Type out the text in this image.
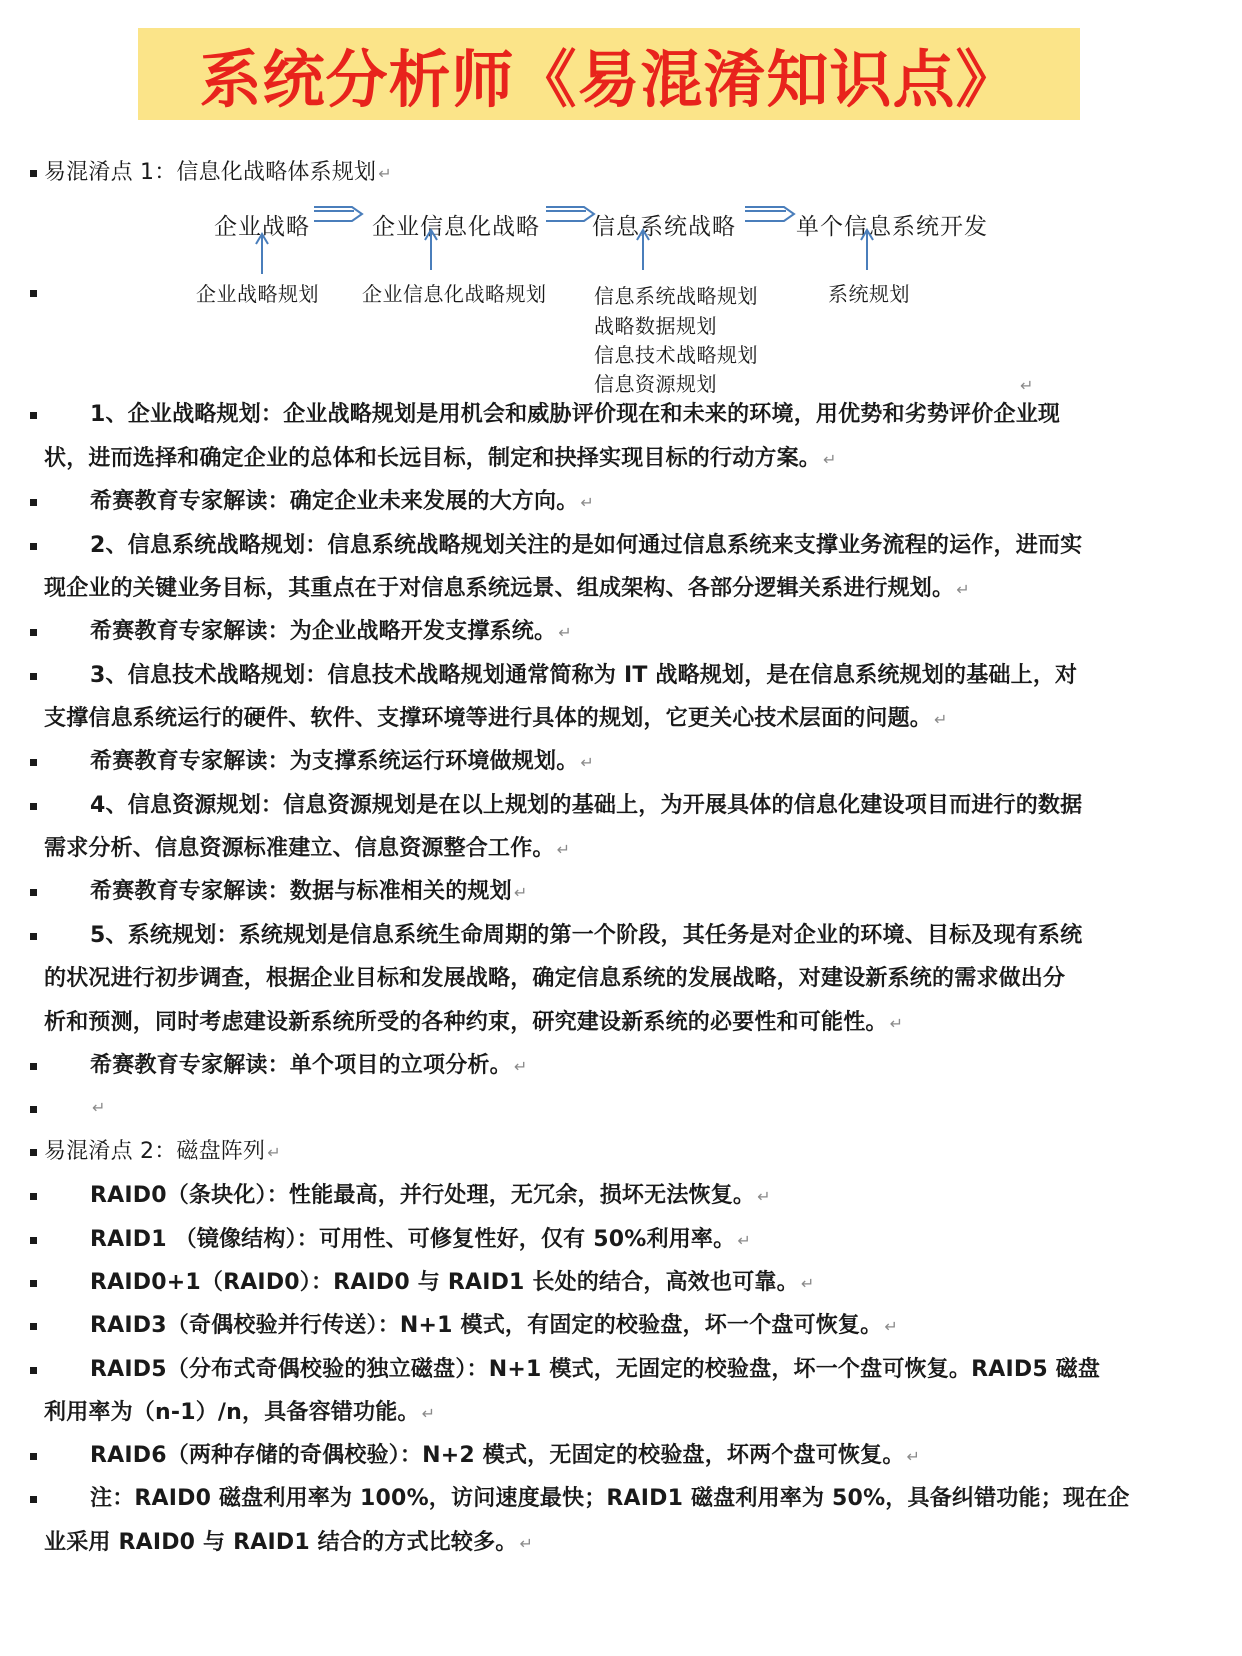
系统分析师《易混淆知识点》
易混淆点 1：信息化战略体系规划 ↵
企业战略	企业信息化战略 信息系统战略	单个信息系统开发
企业战略规划 企业信息化战略规划 信息系统战略规划
战略数据规划
信息技术战略规划
信息资源规划
系统规划
↵
1、企业战略规划：企业战略规划是用机会和威胁评价现在和未来的环境，用优势和劣势评价企业现
状，进而选择和确定企业的总体和长远目标，制定和抉择实现目标的行动方案。 ↵
希赛教育专家解读：确定企业未来发展的大方向。 ↵
2、信息系统战略规划：信息系统战略规划关注的是如何通过信息系统来支撑业务流程的运作，进而实
现企业的关键业务目标，其重点在于对信息系统远景、组成架构、各部分逻辑关系进行规划。 ↵
希赛教育专家解读：为企业战略开发支撑系统。 ↵
3、信息技术战略规划：信息技术战略规划通常简称为 IT 战略规划，是在信息系统规划的基础上，对
支撑信息系统运行的硬件、软件、支撑环境等进行具体的规划，它更关心技术层面的问题。 ↵
希赛教育专家解读：为支撑系统运行环境做规划。 ↵
4、信息资源规划：信息资源规划是在以上规划的基础上，为开展具体的信息化建设项目而进行的数据
需求分析、信息资源标准建立、信息资源整合工作。 ↵
希赛教育专家解读：数据与标准相关的规划 ↵
5、系统规划：系统规划是信息系统生命周期的第一个阶段，其任务是对企业的环境、目标及现有系统
的状况进行初步调查，根据企业目标和发展战略，确定信息系统的发展战略，对建设新系统的需求做出分
析和预测，同时考虑建设新系统所受的各种约束，研究建设新系统的必要性和可能性。 ↵
希赛教育专家解读：单个项目的立项分析。 ↵
↵
易混淆点 2：磁盘阵列 ↵
RAID0（条块化）：性能最高，并行处理，无冗余，损坏无法恢复。 ↵
RAID1 （镜像结构）：可用性、可修复性好，仅有 50%利用率。 ↵
RAID0+1（RAID0）：RAID0 与 RAID1 长处的结合，高效也可靠。 ↵
RAID3（奇偶校验并行传送）：N+1 模式，有固定的校验盘，坏一个盘可恢复。 ↵
RAID5（分布式奇偶校验的独立磁盘）：N+1 模式，无固定的校验盘，坏一个盘可恢复。RAID5 磁盘
利用率为（n-1）/n，具备容错功能。 ↵
RAID6（两种存储的奇偶校验）：N+2 模式，无固定的校验盘，坏两个盘可恢复。 ↵
注：RAID0 磁盘利用率为 100%，访问速度最快；RAID1 磁盘利用率为 50%，具备纠错功能；现在企
业采用 RAID0 与 RAID1 结合的方式比较多。 ↵
